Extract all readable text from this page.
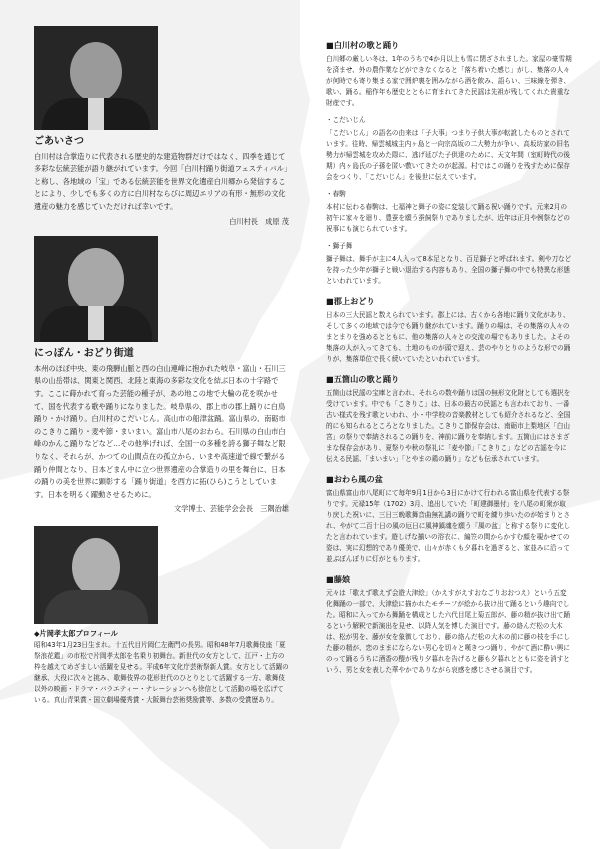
ごあいさつ

白川村は合掌造りに代表される歴史的な建造物群だけではなく、四季を通じて多彩な伝統芸能が語り継がれています。今回「白川村踊り街道フェスティバル」と称し、各地域の「宝」である伝統芸能を世界文化遺産白川郷から発信することにより、少しでも多くの方に白川村ならびに周辺エリアの有形・無形の文化遺産の魅力を感じていただければ幸いです。

白川村長　成原 茂

にっぽん・おどり街道

本州のほぼ中央、東の飛騨山脈と西の白山連峰に抱かれた岐阜・富山・石川三県の山岳帯は、関東と関西、北陸と東海の多彩な文化を結ぶ日本の十字路です。ここに蒔かれて育った芸能の種子が、あの地この地で大輪の花を咲かせて、国を代表する歌や踊りになりました。岐阜県の、郡上市の郡上踊りに白鳥踊り・かけ踊り。白川村のこだいじん。高山市の船津盆踊。富山県の、南砺市のこきりこ踊り・麦や節・まいまい。富山市八尾のおわら。石川県の白山市白峰のかんこ踊りなどなど…その他挙げれば、全国一の多種を誇る獅子舞など限りなく、それらが、かつての山間点在の孤立から、いまや高速道で線で繋がる踊り仲間となり、日本どまん中に立つ世界遺産の合掌造りの里を舞台に、日本の踊りの美を世界に顕彰する「踊り街道」を西方に拓(ひら)こうとしています。日本を明るく躍動させるために。

文学博士、芸能学会会長　三隅治雄

◆片岡孝太郎プロフィール

昭和43年1月23日生まれ。十五代目片岡仁左衛門の長男。昭和48年7月歌舞伎座「夏祭浪花鑑」の市松で片岡孝太郎を名乗り初舞台。新世代の女方として、江戸・上方の枠を越えてめざましい活躍を見せる。平成6年文化庁芸術祭新人賞。女方として活躍の継承、大役に次々と挑み、歌舞伎界の花形世代のひとりとして活躍する一方、歌舞伎以外の映画・ドラマ・バラエティー・ナレーションへも徐信として活動の場を広げている。真山青果賞・国立劇場優秀賞・大阪舞台芸術奨励賞等、多数の受賞歴あり。

■白川村の歌と踊り

白川郷の厳しい冬は、1年のうちで4か月以上も雪に閉ざされました。家屋の豪雪期を済ませ、外の農作業などができなくなると「落ち着いた感じ」がし、集落の人々が何時でも寄り集まる家で囲炉裏を囲みながら酒を飲み、語らい、三味線を弾き、歌い、踊る。稲作年も歴史とともに育まれてきた民謡は先祖が残してくれた貴重な財産です。

・こだいじん

「こだいじん」の語名の由来は「子大事」つまり子供大事が転訛したものとされています。往時、帰雲城城主内ヶ島と一向宗高坂の二大勢力が争い、高坂坊家の旧名勢力が帰雲城を攻めた際に、逃げ延びた子供達のために、天文年間（室町時代の後期）内ヶ島氏の子孫を匿い敷いてきたのが起源。村ではこの踊りを残すために保存会をつくり、「こだいじん」を後世に伝えています。

・春駒

本村に伝わる春駒は、七福神と舞子の姿に変装して踊る祝い踊りです。元来2月の初午に家々を廻り、豊蚕を願う蚕飼祭りでありましたが、近年は正月や例祭などの祝事にも演じられています。

・獅子舞

獅子舞は、舞手が主に4人入って8本足となり、百足獅子と呼ばれます。剣や刀などを持った少年が獅子と戦い退治する内容もあり、全国の獅子舞の中でも特異な形態といわれています。

■郡上おどり

日本の三大民謡と数えられています。郡上には、古くから各地に踊り文化があり、そして多くの地域では今でも踊り継がれています。踊りの場は、その集落の人々のまとまりを強めるとともに、他の集落の人々との交流の場でもありました。よその集落の人が入ってきても、土地のものが頭で迎え、芸のやりとりのような形での踊りが、集落単位で長く続いていたといわれています。

■五箇山の歌と踊り

五箇山は民謡の宝庫と言われ、それらの数や踊りは国の無形文化財としても選択を受けています。中でも「こきりこ」は、日本の最古の民謡とも言われており、一番古い様式を残す歌といわれ、小・中学校の音楽教材としても紹介されるなど、全国的にも知られるところとなりました。こきりこ節保存会は、南砺市上梨地区「白山宮」の祭りで奉納されるこの踊りを、神前に踊りを奉納します。五箇山にはさまざまな保存会があり、夏祭りや秋の祭礼に「麦や節」「こきりこ」などの古謡を今に伝える民謡、「まいまい」「とやまの鶏の踊り」なども伝承されています。

■おわら風の盆

富山県富山市八尾町にて毎年9月1日から3日にかけて行われる富山県を代表する祭りです。元禄15年（1702）3月、追出していた「町建御墨付」を八尾の町衆が取り戻した祝いに、三日三晩歌舞音曲無礼講の踊りで町を練り歩いたのが始まりとされ、やがて二百十日の風の厄日に風神鎮魂を願う「風の盆」と称する祭りに変化したと言われています。遊しげな揃いの浴衣に、編笠の間からかすむ顔を覗かせての姿は、実に幻想的であり優美で、山々が赤くも夕暮れを過ぎると、家並みに沿って並ぶぼんぼりに灯がともります。

■藤娘

元々は「歌えず歌えず会遊大津絵」（かえすがえすおなごりおおつえ）という五変化舞踊の一部で、大津絵に描かれたモチーフが絵から抜け出て踊るという趣向でした。昭和に入ってから舞踊を構成とした六代目尾上菊五郎が、藤の精が抜け出て踊るという解釈で新演出を見せ、以降人気を博した演目です。藤の絡んだ松の大木は、松が男を、藤が女を象徴しており、藤の絡んだ松の大木の前に藤の枝を手にした藤の精が、恋のままにならない男心を切々と嘆きつつ踊り、やがて酒に酔い興にのって踊るうちに酒香の醍が残り夕暮れを告げると藤も夕暮れとともに姿を消すという、男と女を表した華やかでありながら哀感を感じさせる演目です。
